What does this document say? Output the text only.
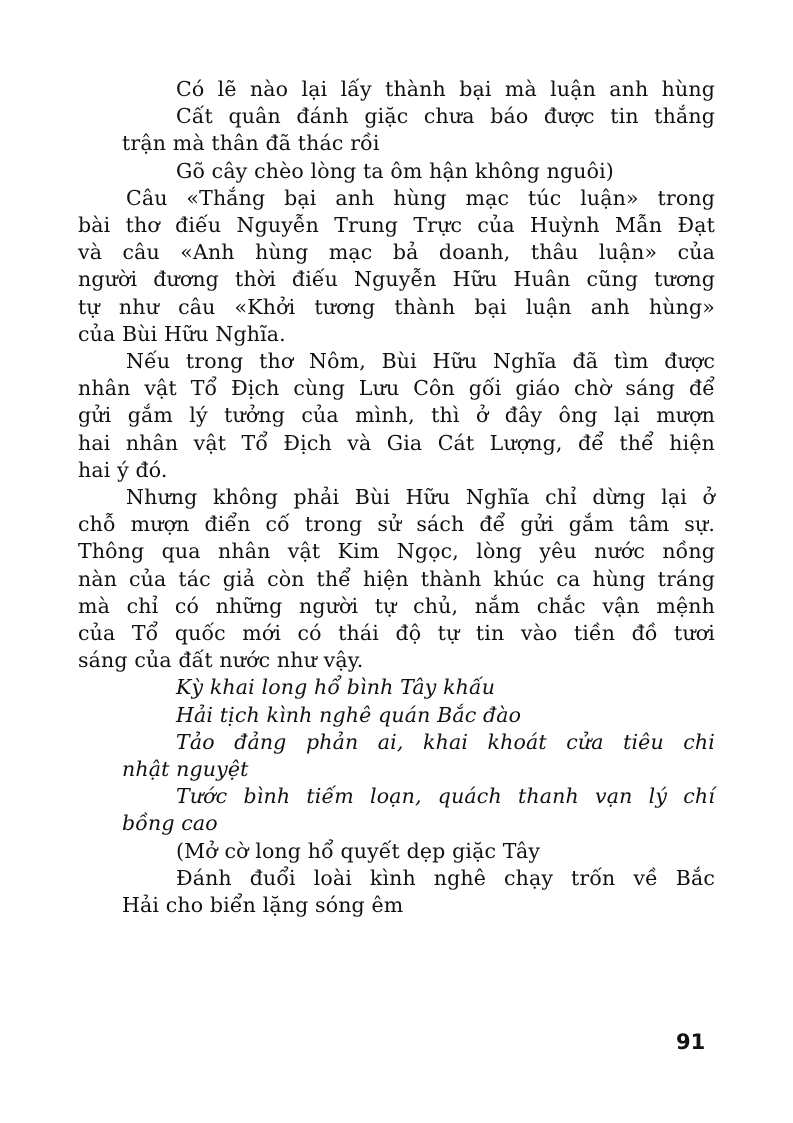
Có lẽ nào lại lấy thành bại mà luận anh hùng
Cất quân đánh giặc chưa báo được tin thắng
trận mà thân đã thác rồi
Gõ cây chèo lòng ta ôm hận không nguôi)
Câu «Thắng bại anh hùng mạc túc luận» trong
bài thơ điếu Nguyễn Trung Trực của Huỳnh Mẫn Đạt
và câu «Anh hùng mạc bả doanh, thâu luận» của
người đương thời điếu Nguyễn Hữu Huân cũng tương
tự như câu «Khởi tương thành bại luận anh hùng»
của Bùi Hữu Nghĩa.
Nếu trong thơ Nôm, Bùi Hữu Nghĩa đã tìm được
nhân vật Tổ Địch cùng Lưu Côn gối giáo chờ sáng để
gửi gắm lý tưởng của mình, thì ở đây ông lại mượn
hai nhân vật Tổ Địch và Gia Cát Lượng, để thể hiện
hai ý đó.
Nhưng không phải Bùi Hữu Nghĩa chỉ dừng lại ở
chỗ mượn điển cố trong sử sách để gửi gắm tâm sự.
Thông qua nhân vật Kim Ngọc, lòng yêu nước nồng
nàn của tác giả còn thể hiện thành khúc ca hùng tráng
mà chỉ có những người tự chủ, nắm chắc vận mệnh
của Tổ quốc mới có thái độ tự tin vào tiền đồ tươi
sáng của đất nước như vậy.
Kỳ khai long hổ bình Tây khấu
Hải tịch kình nghê quán Bắc đào
Tảo đảng phản ai, khai khoát cửa tiêu chi
nhật nguyệt
Tước bình tiếm loạn, quách thanh vạn lý chí
bồng cao
(Mở cờ long hổ quyết dẹp giặc Tây
Đánh đuổi loài kình nghê chạy trốn về Bắc
Hải cho biển lặng sóng êm
91
